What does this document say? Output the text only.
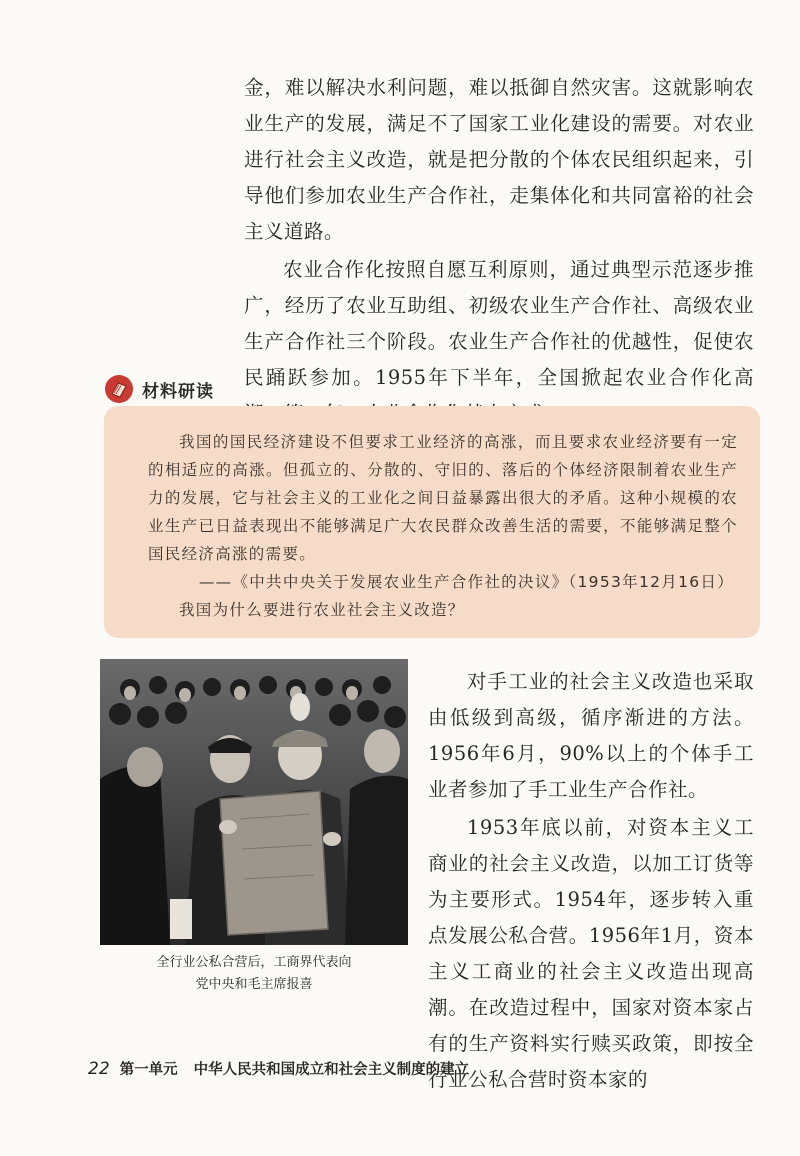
金，难以解决水利问题，难以抵御自然灾害。这就影响农业生产的发展，满足不了国家工业化建设的需要。对农业进行社会主义改造，就是把分散的个体农民组织起来，引导他们参加农业生产合作社，走集体化和共同富裕的社会主义道路。

农业合作化按照自愿互利原则，通过典型示范逐步推广，经历了农业互助组、初级农业生产合作社、高级农业生产合作社三个阶段。农业生产合作社的优越性，促使农民踊跃参加。1955年下半年，全国掀起农业合作化高

材料研读

我国的国民经济建设不但要求工业经济的高涨，而且要求农业经济要有一定的相适应的高涨。但孤立的、分散的、守旧的、落后的个体经济限制着农业生产力的发展，它与社会主义的工业化之间日益暴露出很大的矛盾。这种小规模的农业生产已日益表现出不能够满足广大农民群众改善生活的需要，不能够满足整个国民经济高涨的需要。

——《中共中央关于发展农业生产合作社的决议》（1953年12月16日）

我国为什么要进行农业社会主义改造？

全行业公私合营后，工商界代表向
党中央和毛主席报喜

对手工业的社会主义改造也采取由低级到高级，循序渐进的方法。1956年6月，90%以上的个体手工业者参加了手工业生产合作社。

1953年底以前，对资本主义工商业的社会主义改造，以加工订货等为主要形式。1954年，逐步转入重点发展公私合营。1956年1月，资本主义工商业的社会主义改造出现高潮。在改造过程中，国家对资本家占有的生产资料实行赎买政策，即按全行业公私合营时资本家的

22 第一单元 中华人民共和国成立和社会主义制度的建立
